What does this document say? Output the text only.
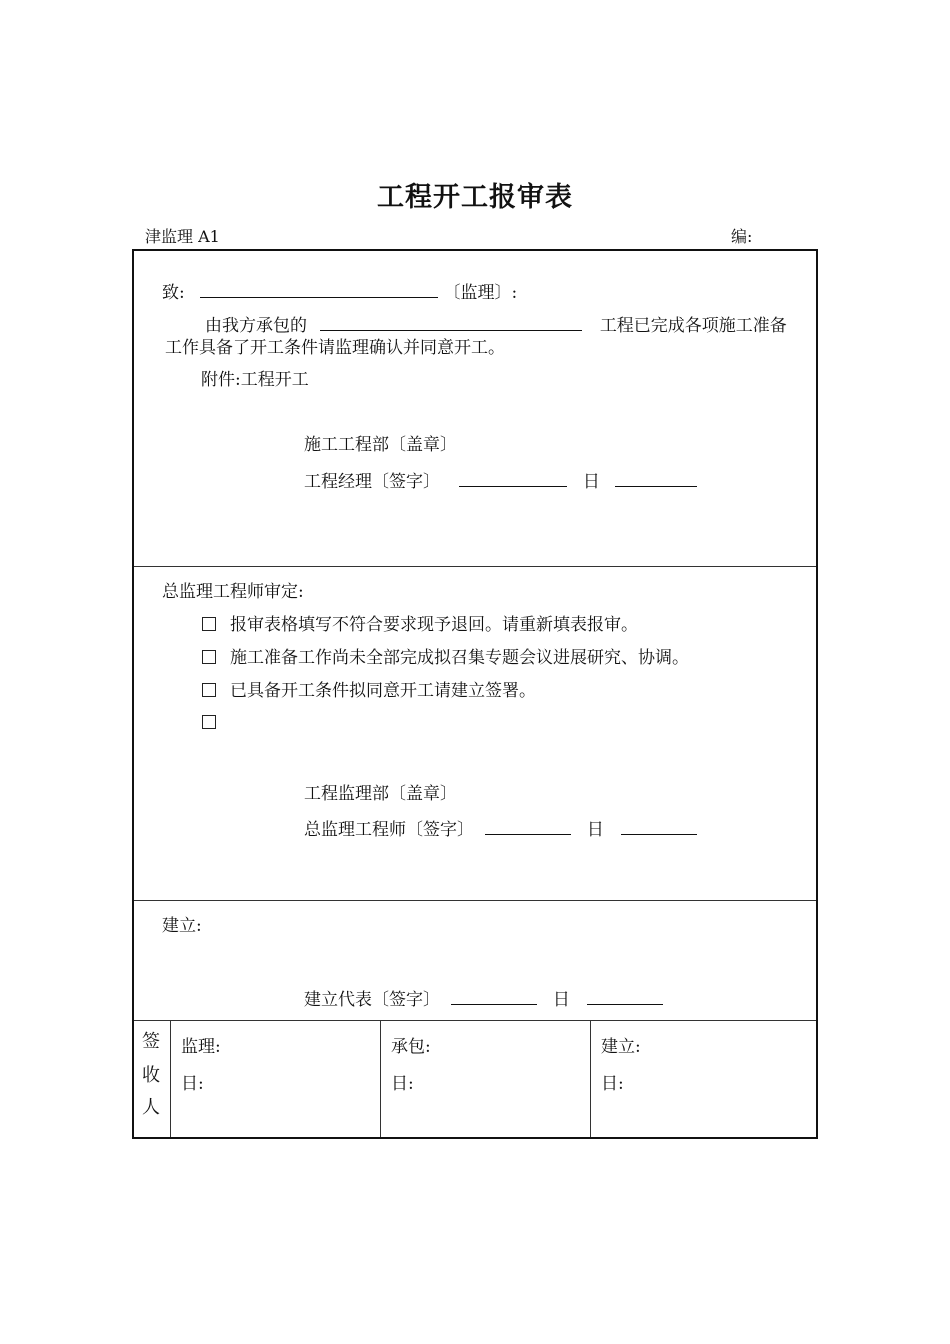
工程开工报审表
津监理 A1	编:
致:	〔监理〕:
由我方承包的	工程已完成各项施工准备
工作具备了开工条件请监理确认并同意开工。
附件:工程开工
施工工程部〔盖章〕
工程经理〔签字〕	日
总监理工程师审定:
报审表格填写不符合要求现予退回。请重新填表报审。
施工准备工作尚未全部完成拟召集专题会议进展研究、协调。
已具备开工条件拟同意开工请建立签署。
工程监理部〔盖章〕
总监理工程师〔签字〕	日
建立:
建立代表〔签字〕	日
签
收
人
监理:
日:
承包:
日:
建立:
日:
